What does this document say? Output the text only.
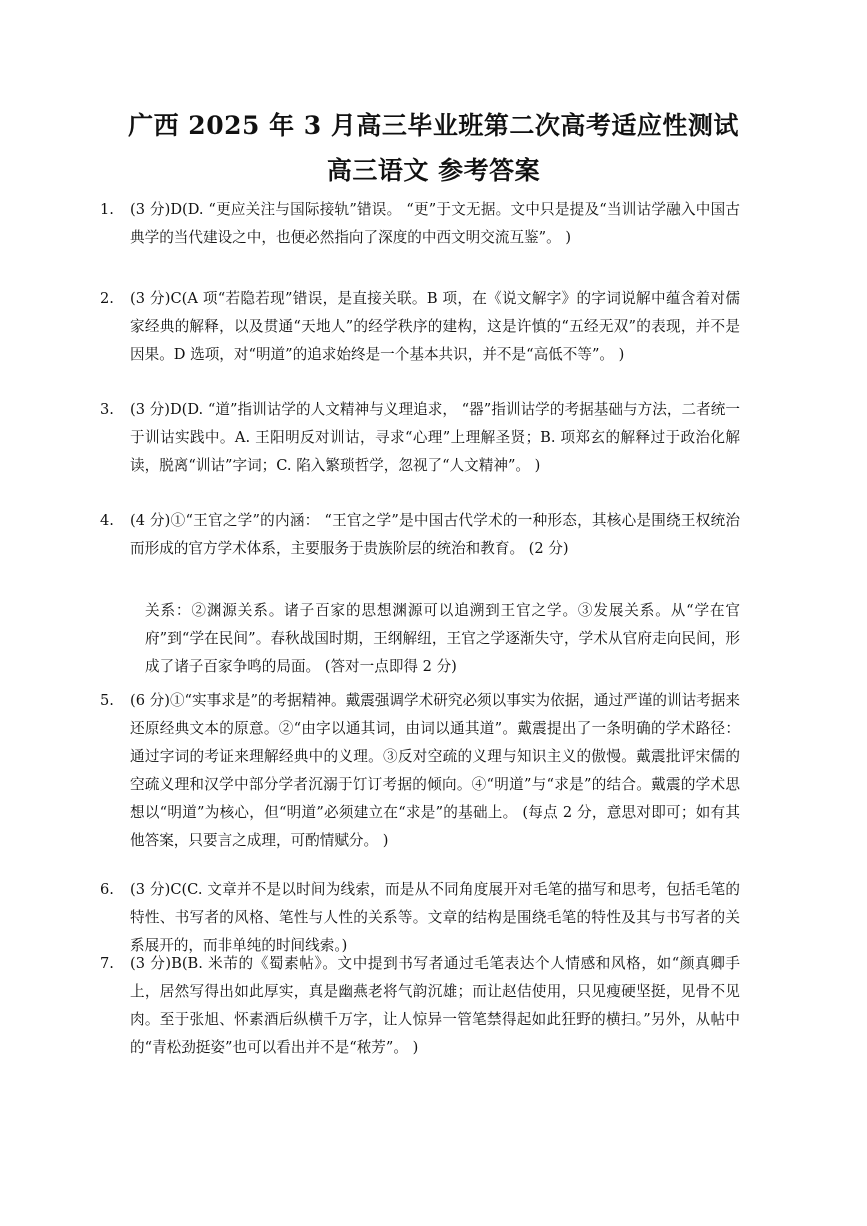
广西 2025 年 3 月高三毕业班第二次高考适应性测试
高三语文 参考答案
1. (3 分)D(D. “更应关注与国际接轨”错误。 “更”于文无据。文中只是提及“当训诂学融入中国古典学的当代建设之中，也便必然指向了深度的中西文明交流互鉴”。 )
2. (3 分)C(A 项“若隐若现”错误，是直接关联。B 项，在《说文解字》的字词说解中蕴含着对儒家经典的解释，以及贯通“天地人”的经学秩序的建构，这是许慎的“五经无双”的表现，并不是因果。D 选项，对“明道”的追求始终是一个基本共识，并不是“高低不等”。 )
3. (3 分)D(D. “道”指训诂学的人文精神与义理追求， “器”指训诂学的考据基础与方法，二者统一于训诂实践中。A. 王阳明反对训诂，寻求“心理”上理解圣贤；B. 项郑玄的解释过于政治化解读，脱离“训诂”字词；C. 陷入繁琐哲学，忽视了“人文精神”。 )
4. (4 分)①“王官之学”的内涵： “王官之学”是中国古代学术的一种形态，其核心是围绕王权统治而形成的官方学术体系，主要服务于贵族阶层的统治和教育。 (2 分)
关系：②渊源关系。诸子百家的思想渊源可以追溯到王官之学。③发展关系。从“学在官府”到“学在民间”。春秋战国时期，王纲解纽，王官之学逐渐失守，学术从官府走向民间，形成了诸子百家争鸣的局面。 (答对一点即得 2 分)
5. (6 分)①“实事求是”的考据精神。戴震强调学术研究必须以事实为依据，通过严谨的训诂考据来还原经典文本的原意。②“由字以通其词，由词以通其道”。戴震提出了一条明确的学术路径：通过字词的考证来理解经典中的义理。③反对空疏的义理与知识主义的傲慢。戴震批评宋儒的空疏义理和汉学中部分学者沉溺于饤订考据的倾向。④“明道”与“求是”的结合。戴震的学术思想以“明道”为核心，但“明道”必须建立在“求是”的基础上。 (每点 2 分，意思对即可；如有其他答案，只要言之成理，可酌情赋分。 )
6. (3 分)C(C. 文章并不是以时间为线索，而是从不同角度展开对毛笔的描写和思考，包括毛笔的特性、书写者的风格、笔性与人性的关系等。文章的结构是围绕毛笔的特性及其与书写者的关系展开的，而非单纯的时间线索。)
7. (3 分)B(B. 米芾的《蜀素帖》。文中提到书写者通过毛笔表达个人情感和风格，如“颜真卿手上，居然写得出如此厚实，真是幽燕老将气韵沉雄；而让赵佶使用，只见瘦硬坚挺，见骨不见肉。至于张旭、怀素酒后纵横千万字，让人惊异一管笔禁得起如此狂野的横扫。”另外，从帖中的“青松劲挺姿”也可以看出并不是“秾芳”。 )
